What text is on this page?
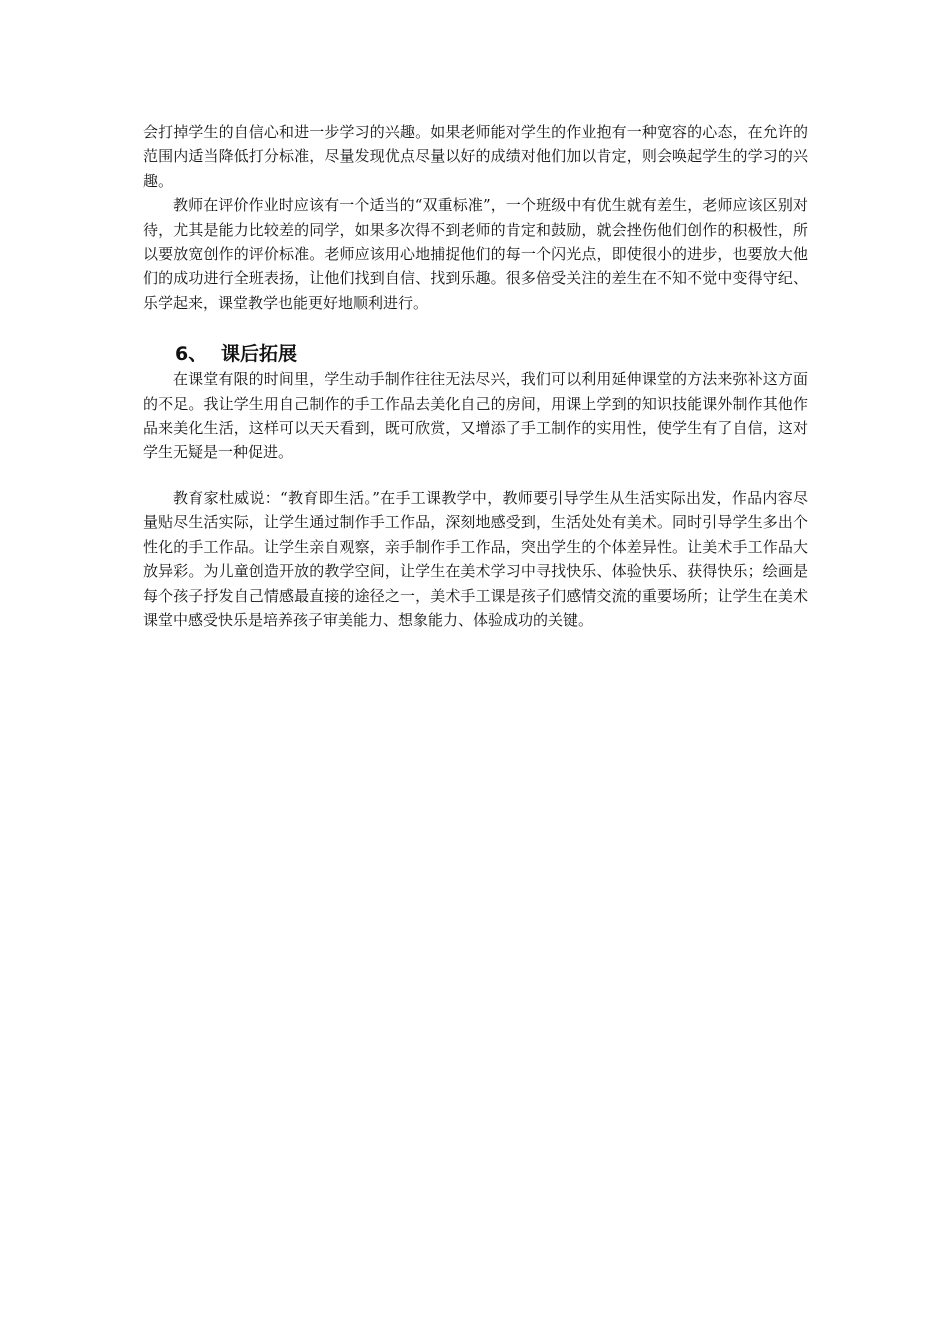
会打掉学生的自信心和进一步学习的兴趣。如果老师能对学生的作业抱有一种宽容的心态，在允许的范围内适当降低打分标准，尽量发现优点尽量以好的成绩对他们加以肯定，则会唤起学生的学习的兴趣。

教师在评价作业时应该有一个适当的“双重标准”，一个班级中有优生就有差生，老师应该区别对待，尤其是能力比较差的同学，如果多次得不到老师的肯定和鼓励，就会挫伤他们创作的积极性，所以要放宽创作的评价标准。老师应该用心地捕捉他们的每一个闪光点，即使很小的进步，也要放大他们的成功进行全班表扬，让他们找到自信、找到乐趣。很多倍受关注的差生在不知不觉中变得守纪、乐学起来，课堂教学也能更好地顺利进行。

6、 课后拓展

在课堂有限的时间里，学生动手制作往往无法尽兴，我们可以利用延伸课堂的方法来弥补这方面的不足。我让学生用自己制作的手工作品去美化自己的房间，用课上学到的知识技能课外制作其他作品来美化生活，这样可以天天看到，既可欣赏，又增添了手工制作的实用性，使学生有了自信，这对学生无疑是一种促进。

教育家杜威说：“教育即生活。”在手工课教学中，教师要引导学生从生活实际出发，作品内容尽量贴尽生活实际，让学生通过制作手工作品，深刻地感受到，生活处处有美术。同时引导学生多出个性化的手工作品。让学生亲自观察，亲手制作手工作品，突出学生的个体差异性。让美术手工作品大放异彩。为儿童创造开放的教学空间，让学生在美术学习中寻找快乐、体验快乐、获得快乐；绘画是每个孩子抒发自己情感最直接的途径之一，美术手工课是孩子们感情交流的重要场所；让学生在美术课堂中感受快乐是培养孩子审美能力、想象能力、体验成功的关键。
